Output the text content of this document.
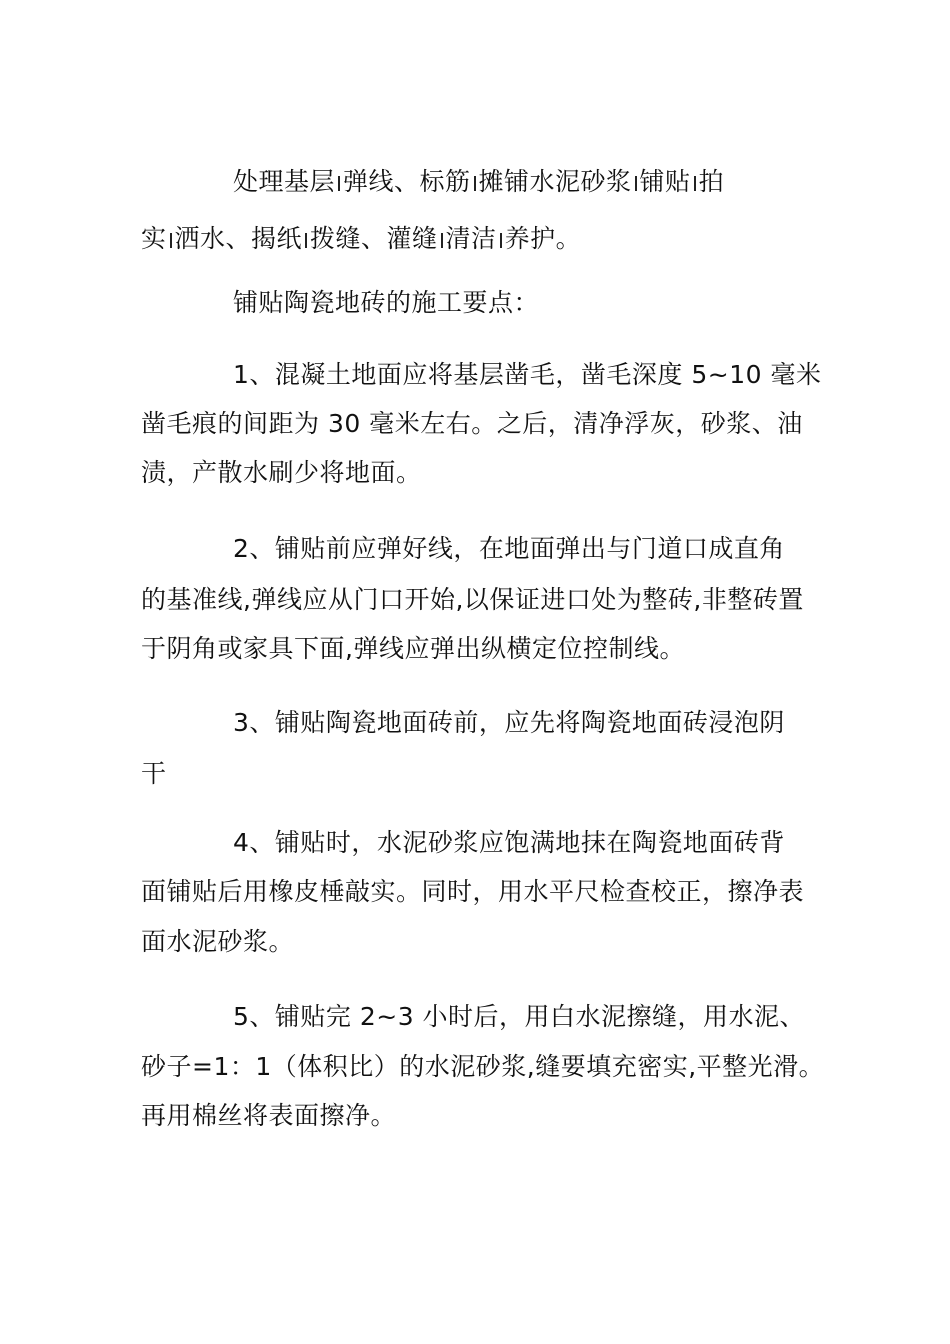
处理基层 弹线、标筋 摊铺水泥砂浆 铺贴 拍
实 洒水、揭纸 拨缝、灌缝 清洁 养护。
铺贴陶瓷地砖的施工要点：
1、混凝土地面应将基层凿毛，凿毛深度 5~10 毫米
凿毛痕的间距为 30 毫米左右。之后，清净浮灰，砂浆、油
渍，产散水刷少将地面。
2、铺贴前应弹好线，在地面弹出与门道口成直角
的基准线,弹线应从门口开始,以保证进口处为整砖,非整砖置
于阴角或家具下面,弹线应弹出纵横定位控制线。
3、铺贴陶瓷地面砖前，应先将陶瓷地面砖浸泡阴
干
4、铺贴时，水泥砂浆应饱满地抹在陶瓷地面砖背
面铺贴后用橡皮棰敲实。同时，用水平尺检查校正，擦净表
面水泥砂浆。
5、铺贴完 2~3 小时后，用白水泥擦缝，用水泥、
砂子=1：1（体积比）的水泥砂浆,缝要填充密实,平整光滑。
再用棉丝将表面擦净。
